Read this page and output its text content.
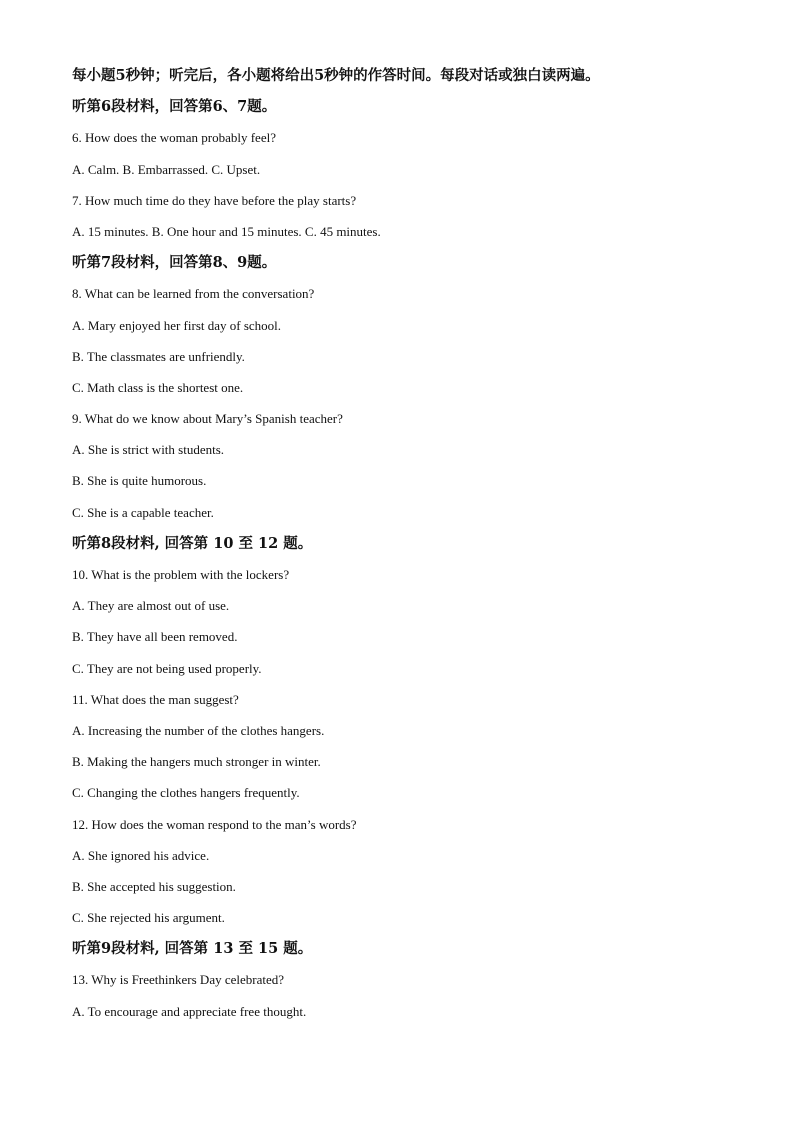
每小题5秒钟；听完后，各小题将给出5秒钟的作答时间。每段对话或独白读两遍。
听第6段材料，回答第6、7题。
6. How does the woman probably feel?
A. Calm. B. Embarrassed. C. Upset.
7. How much time do they have before the play starts?
A. 15 minutes. B. One hour and 15 minutes. C. 45 minutes.
听第7段材料，回答第8、9题。
8. What can be learned from the conversation?
A. Mary enjoyed her first day of school.
B. The classmates are unfriendly.
C. Math class is the shortest one.
9. What do we know about Mary’s Spanish teacher?
A. She is strict with students.
B. She is quite humorous.
C. She is a capable teacher.
听第8段材料, 回答第 10 至 12 题。
10. What is the problem with the lockers?
A. They are almost out of use.
B. They have all been removed.
C. They are not being used properly.
11. What does the man suggest?
A. Increasing the number of the clothes hangers.
B. Making the hangers much stronger in winter.
C. Changing the clothes hangers frequently.
12. How does the woman respond to the man’s words?
A. She ignored his advice.
B. She accepted his suggestion.
C. She rejected his argument.
听第9段材料, 回答第 13 至 15 题。
13. Why is Freethinkers Day celebrated?
A. To encourage and appreciate free thought.
